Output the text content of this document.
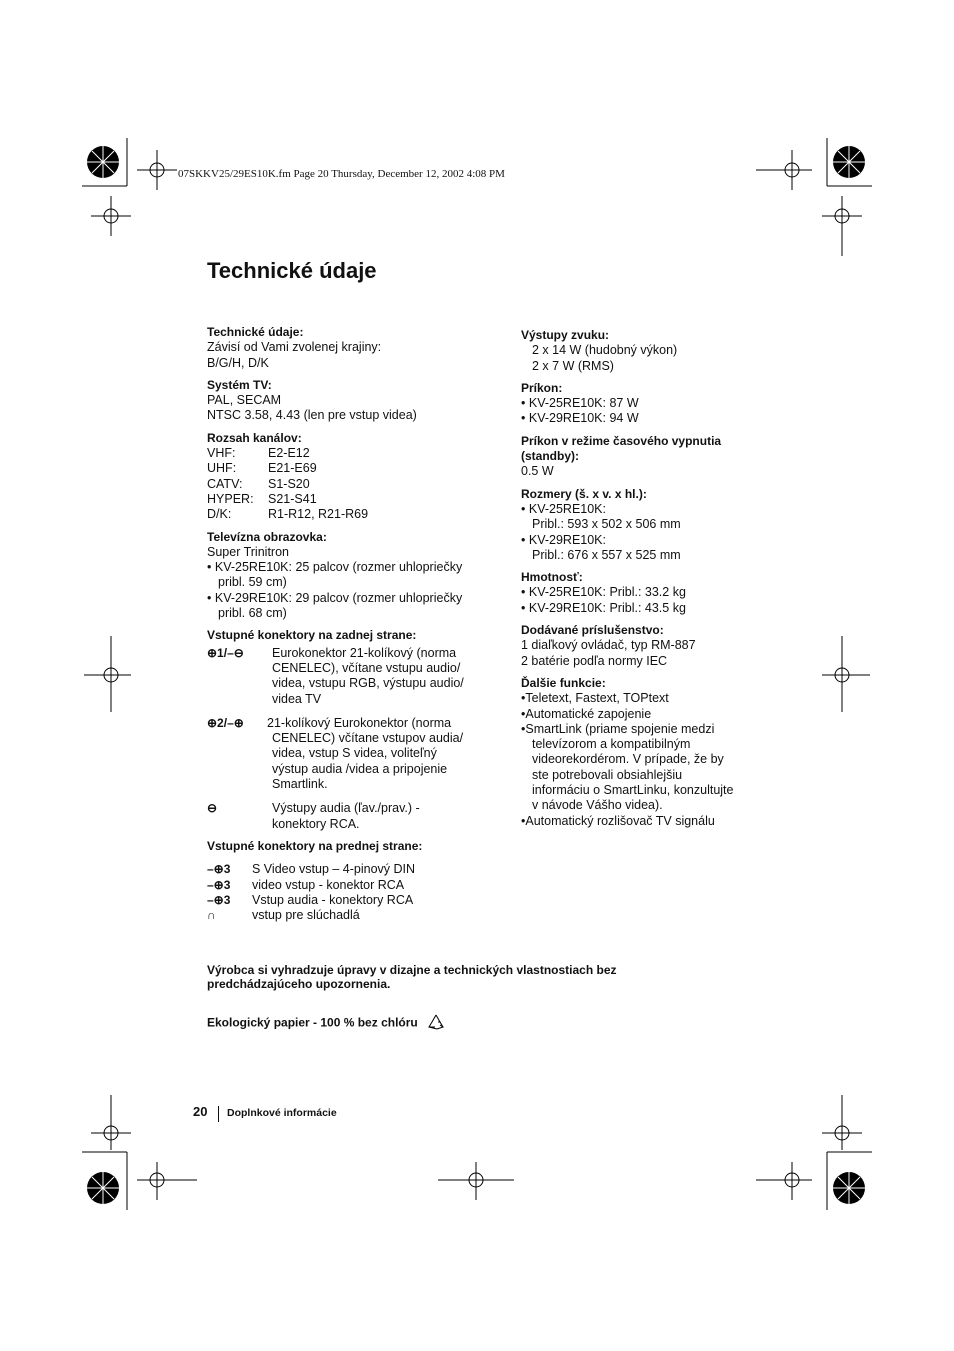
07SKKV25/29ES10K.fm Page 20 Thursday, December 12, 2002 4:08 PM
Technické údaje
Technické údaje:
Závisí od Vami zvolenej krajiny:
B/G/H, D/K
Systém TV:
PAL, SECAM
NTSC 3.58, 4.43 (len pre vstup videa)
Rozsah kanálov:
VHF:	E2-E12
UHF:	E21-E69
CATV:	S1-S20
HYPER:	S21-S41
D/K:	R1-R12, R21-R69
Televízna obrazovka:
Super Trinitron
• KV-25RE10K: 25 palcov (rozmer uhlopriečky
pribl. 59 cm)
• KV-29RE10K: 29 palcov (rozmer uhlopriečky
pribl. 68 cm)
Vstupné konektory na zadnej strane:
⊕1/–⊖	Eurokonektor 21-kolíkový (norma
CENELEC), včítane vstupu audio/
videa, vstupu RGB, výstupu audio/
videa TV
⊕2/–⊕	21-kolíkový Eurokonektor (norma
CENELEC) včítane vstupov audia/
videa, vstup S videa, voliteľný
výstup audia /videa a pripojenie
Smartlink.
⊖	Výstupy audia (ľav./prav.) -
konektory RCA.
Vstupné konektory na prednej strane:
–⊕3	S Video vstup – 4-pinový DIN
–⊕3	video vstup - konektor RCA
–⊕3	Vstup audia - konektory RCA
∩	vstup pre slúchadlá
Výstupy zvuku:
2 x 14 W (hudobný výkon)
2 x 7 W (RMS)
Príkon:
• KV-25RE10K: 87 W
• KV-29RE10K: 94 W
Príkon v režime časového vypnutia
(standby):
0.5 W
Rozmery (š. x v. x hl.):
• KV-25RE10K:
Pribl.: 593 x 502 x 506 mm
• KV-29RE10K:
Pribl.: 676 x 557 x 525 mm
Hmotnosť:
• KV-25RE10K: Pribl.: 33.2 kg
• KV-29RE10K: Pribl.: 43.5 kg
Dodávané príslušenstvo:
1 diaľkový ovládač, typ RM-887
2 batérie podľa normy IEC
Ďalšie funkcie:
•Teletext, Fastext, TOPtext
•Automatické zapojenie
•SmartLink (priame spojenie medzi
televízorom a kompatibilným
videorekordérom. V prípade, že by
ste potrebovali obsiahlejšiu
informáciu o SmartLinku, konzultujte
v návode Vášho videa).
•Automatický rozlišovač TV signálu
Výrobca si vyhradzuje úpravy v dizajne a technických vlastnostiach bez
predchádzajúceho upozornenia.
Ekologický papier - 100 % bez chlóru
20 Doplnkové informácie
